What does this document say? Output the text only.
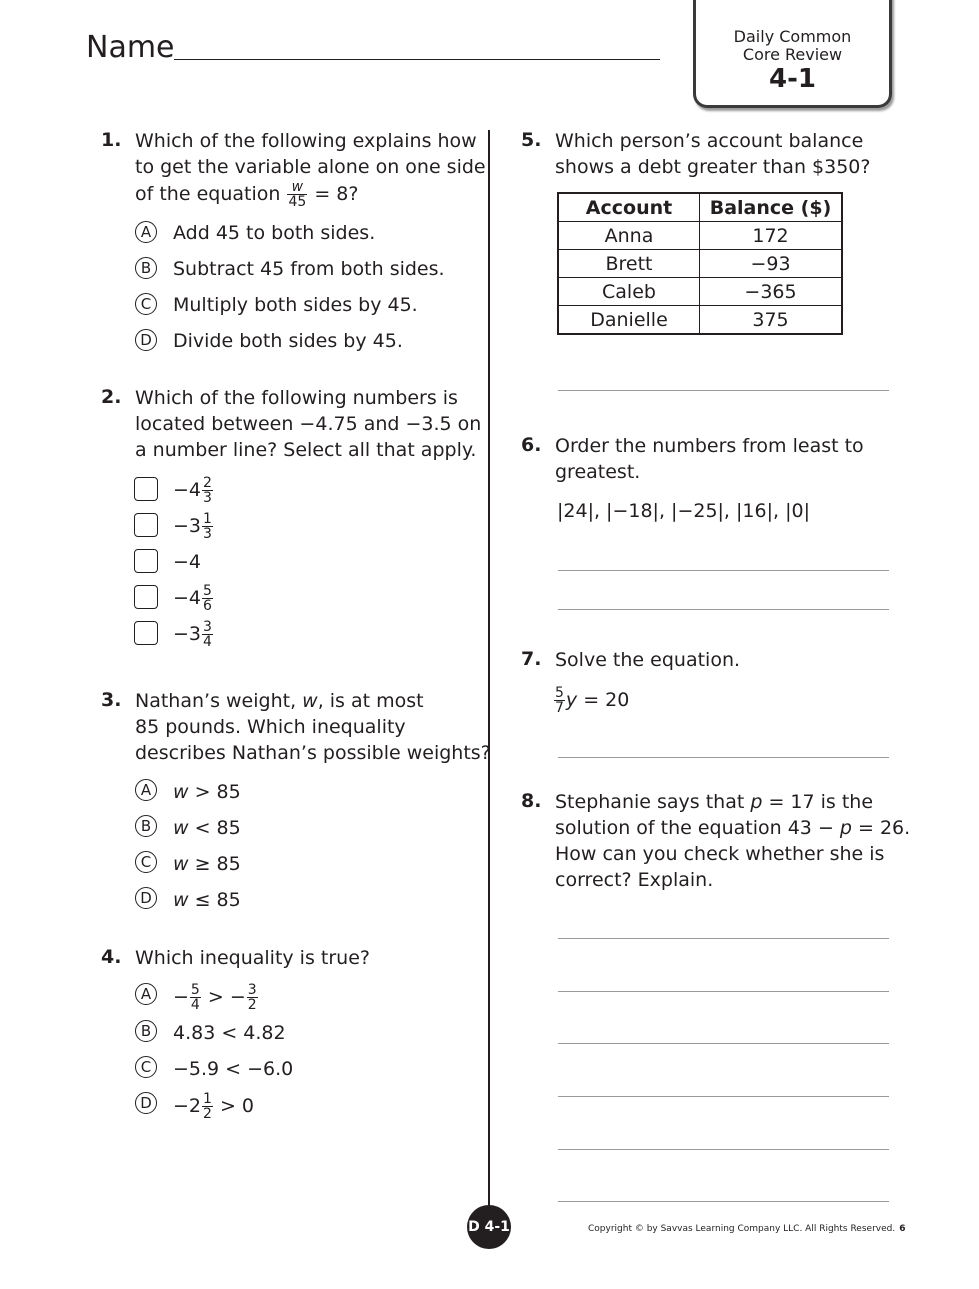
Name	Daily Common
Core Review
4-1
1. Which of the following explains how
to get the variable alone on one side
of the equation $\frac{w}{45} = 8$?
A	Add 45 to both sides.
B	Subtract 45 from both sides.
C	Multiply both sides by 45.
D Divide both sides by 45.
2. Which of the following numbers is
located between −4.75 and −3.5 on
a number line? Select all that apply.
$-4 \frac{2}{3}$
$-3 \frac{1}{3}$
−4
$-4 \frac{5}{6}$
$-3 \frac{3}{4}$
3. Nathan’s weight, w, is at most
85 pounds. Which inequality
describes Nathan’s possible weights?
A	w > 85
B	w < 85
C	w ≥ 85
D w ≤ 85
4. Which inequality is true?
A	− $\frac{5}{4}$ > − $\frac{3}{2}$
B	4.83 < 4.82
C	−5.9 < −6.0
$D -2 \frac{1}{2} > 0$
5. Which person’s account balance
shows a debt greater than $350?
Account	Balance ($)
Anna	172
Brett	−93
Caleb	−365
Danielle	375
6. Order the numbers from least to
greatest.
|24|, |−18|, |−25|, |16|, |0|
7. Solve the equation.
$\frac{5}{7}$ y = 20
8. Stephanie says that p = 17 is the
solution of the equation 43 − p = 26.
How can you check whether she is
correct? Explain.
D 4-1	Copyright © by Savvas Learning Company LLC. All Rights Reserved. 6
